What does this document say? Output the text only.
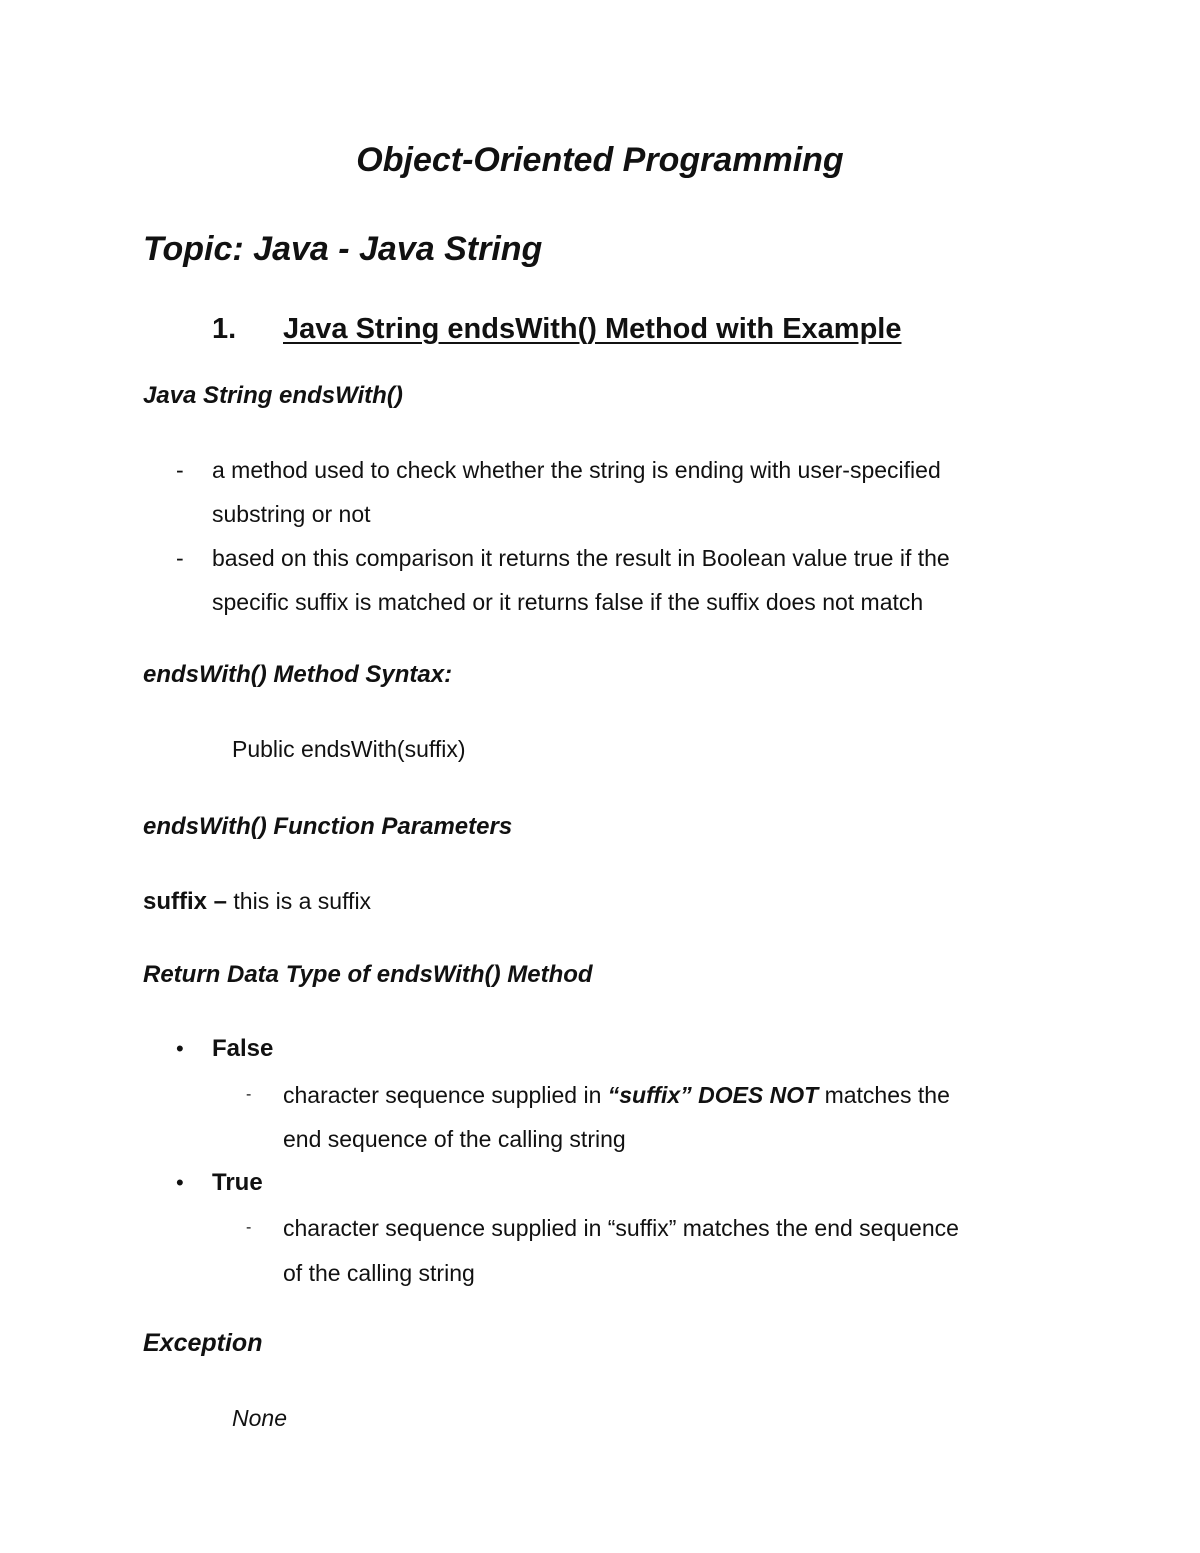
Object-Oriented Programming
Topic: Java - Java String
1. Java String endsWith() Method with Example
Java String endsWith()
- a method used to check whether the string is ending with user-specified
substring or not
- based on this comparison it returns the result in Boolean value true if the
specific suffix is matched or it returns false if the suffix does not match
endsWith() Method Syntax:
Public endsWith(suffix)
endsWith() Function Parameters
suffix – this is a suffix
Return Data Type of endsWith() Method
• False
- character sequence supplied in “suffix” DOES NOT matches the
end sequence of the calling string
• True
- character sequence supplied in “suffix” matches the end sequence
of the calling string
Exception
None
